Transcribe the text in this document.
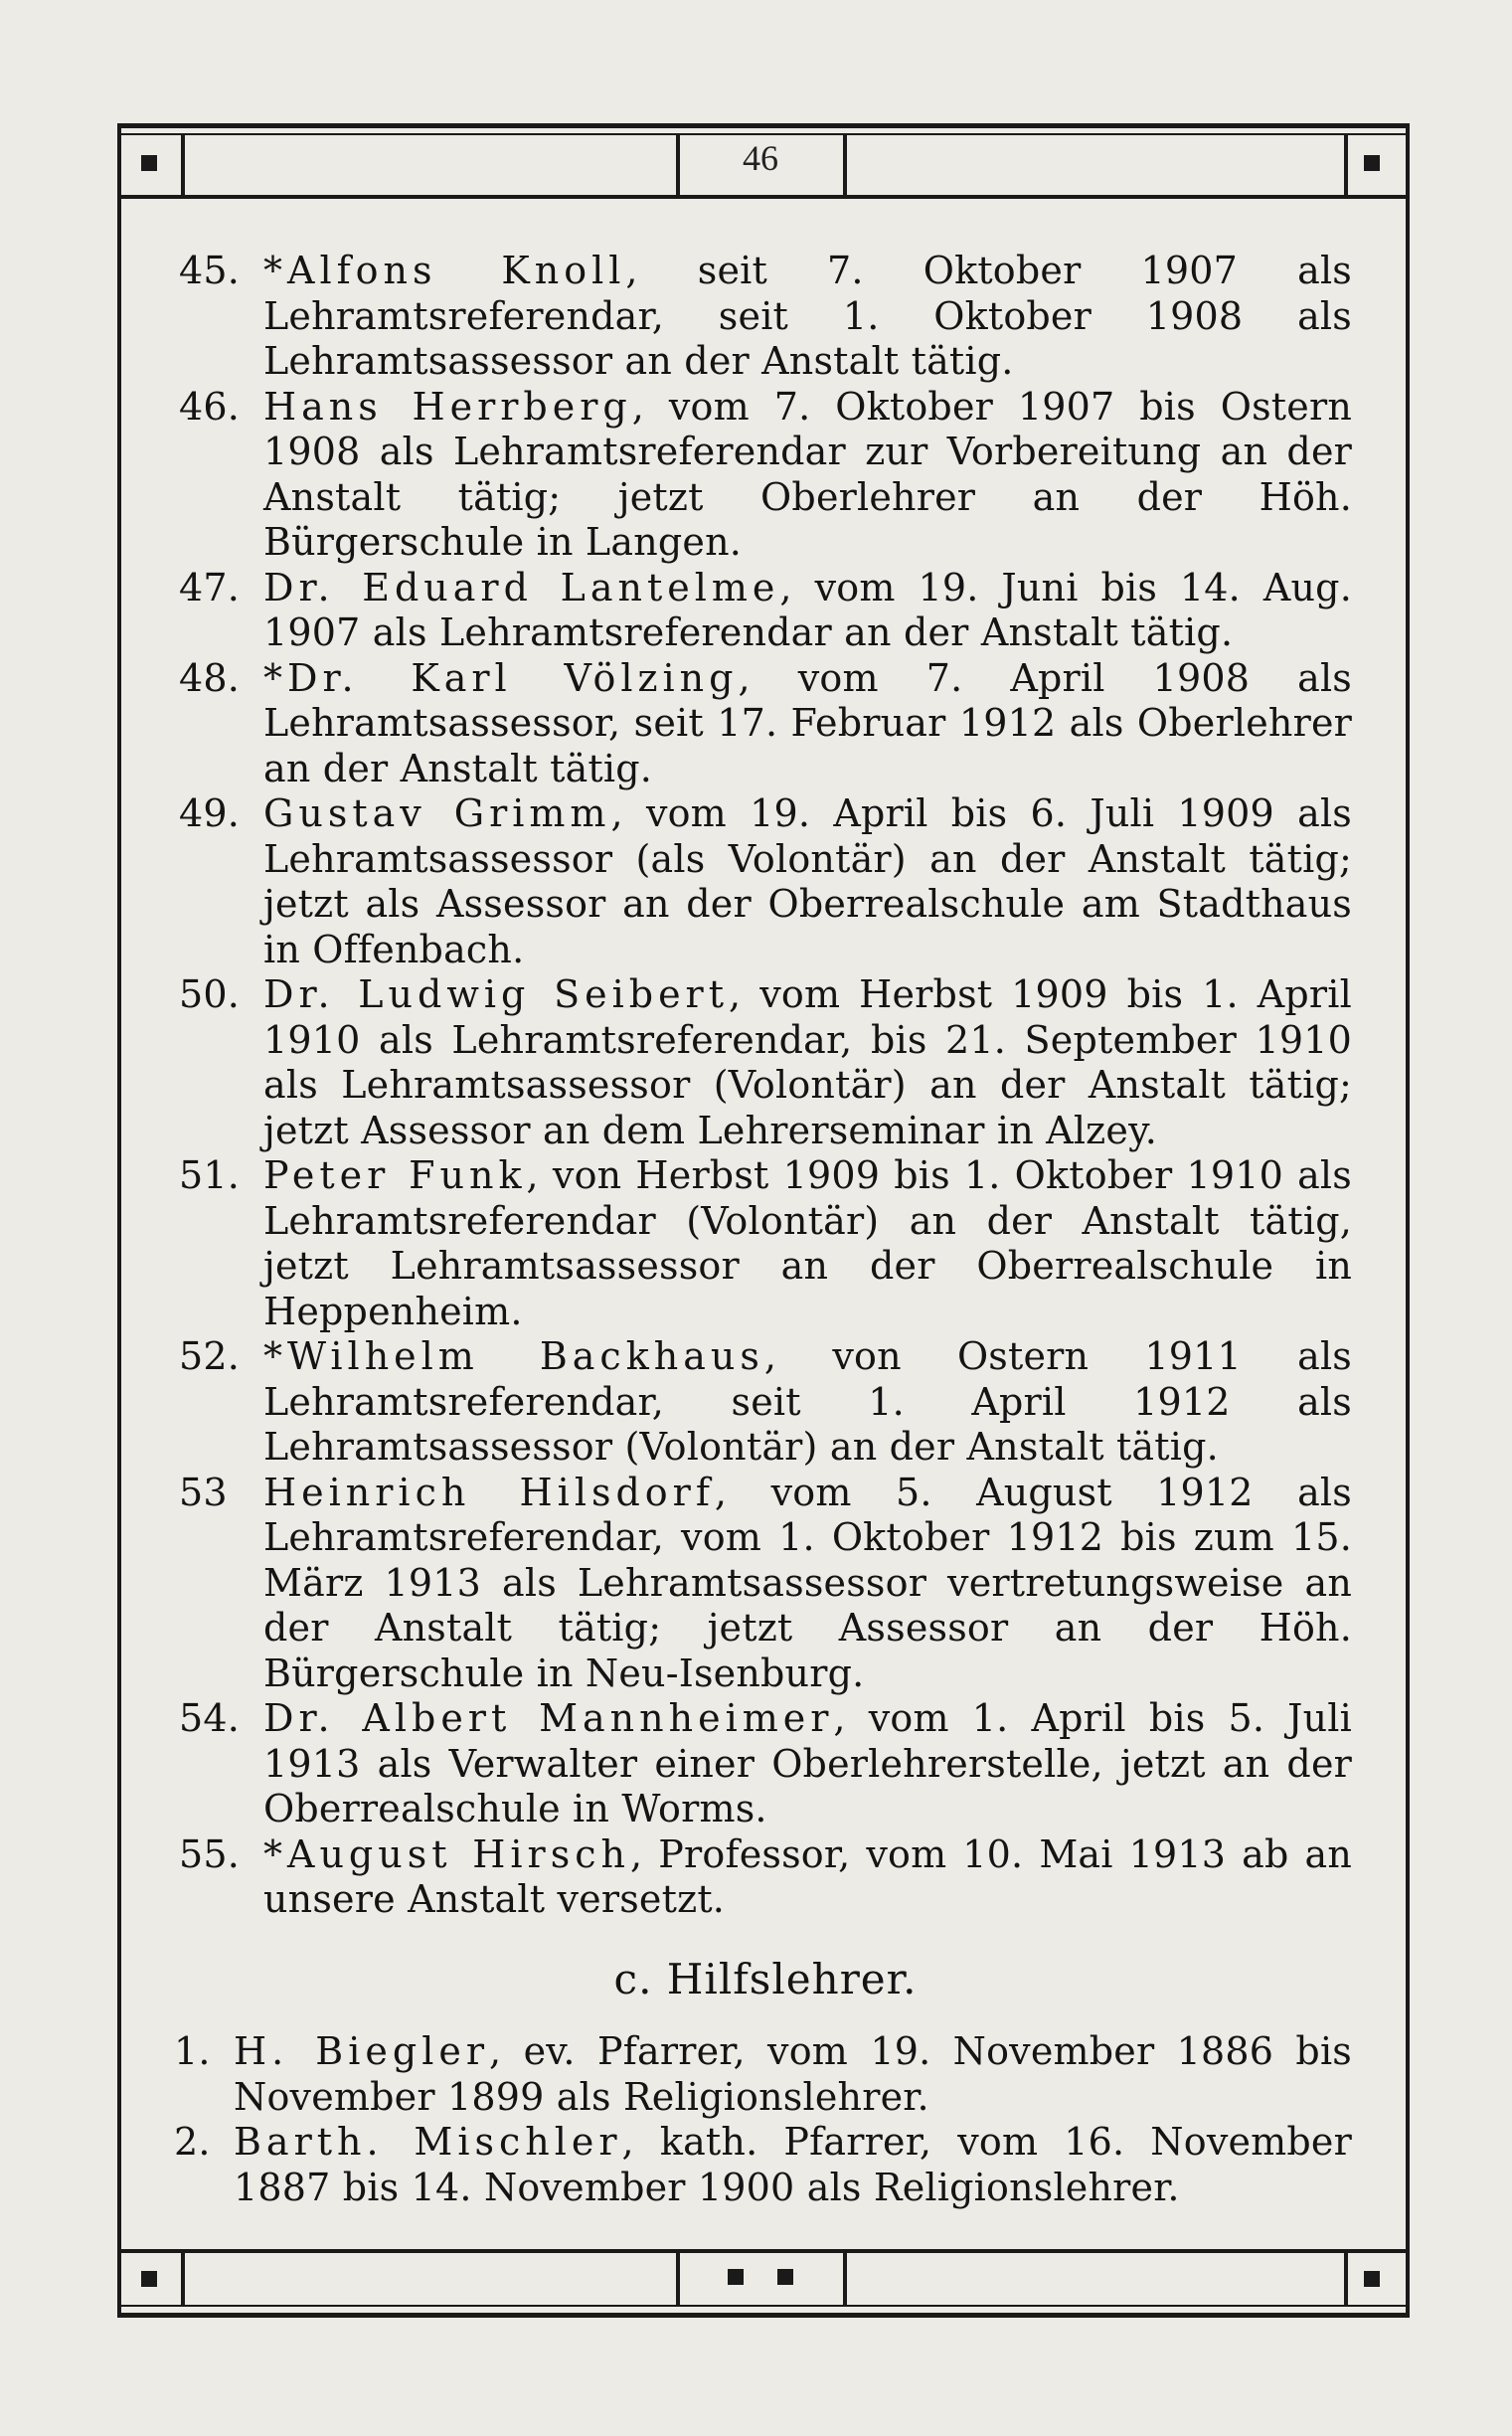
46
45. *Alfons Knoll, seit 7. Oktober 1907 als Lehramtsreferendar, seit 1. Oktober 1908 als Lehramtsassessor an der Anstalt tätig.
46. Hans Herrberg, vom 7. Oktober 1907 bis Ostern 1908 als Lehramtsreferendar zur Vorbereitung an der Anstalt tätig; jetzt Oberlehrer an der Höh. Bürgerschule in Langen.
47. Dr. Eduard Lantelme, vom 19. Juni bis 14. Aug. 1907 als Lehramtsreferendar an der Anstalt tätig.
48. *Dr. Karl Völzing, vom 7. April 1908 als Lehramtsassessor, seit 17. Februar 1912 als Oberlehrer an der Anstalt tätig.
49. Gustav Grimm, vom 19. April bis 6. Juli 1909 als Lehramtsassessor (als Volontär) an der Anstalt tätig; jetzt als Assessor an der Oberrealschule am Stadthaus in Offenbach.
50. Dr. Ludwig Seibert, vom Herbst 1909 bis 1. April 1910 als Lehramtsreferendar, bis 21. September 1910 als Lehramtsassessor (Volontär) an der Anstalt tätig; jetzt Assessor an dem Lehrerseminar in Alzey.
51. Peter Funk, von Herbst 1909 bis 1. Oktober 1910 als Lehramtsreferendar (Volontär) an der Anstalt tätig, jetzt Lehramtsassessor an der Oberrealschule in Heppenheim.
52. *Wilhelm Backhaus, von Ostern 1911 als Lehramtsreferendar, seit 1. April 1912 als Lehramtsassessor (Volontär) an der Anstalt tätig.
53 Heinrich Hilsdorf, vom 5. August 1912 als Lehramtsreferendar, vom 1. Oktober 1912 bis zum 15. März 1913 als Lehramtsassessor vertretungsweise an der Anstalt tätig; jetzt Assessor an der Höh. Bürgerschule in Neu-Isenburg.
54. Dr. Albert Mannheimer, vom 1. April bis 5. Juli 1913 als Verwalter einer Oberlehrerstelle, jetzt an der Oberrealschule in Worms.
55. *August Hirsch, Professor, vom 10. Mai 1913 ab an unsere Anstalt versetzt.
c. Hilfslehrer.
1. H. Biegler, ev. Pfarrer, vom 19. November 1886 bis November 1899 als Religionslehrer.
2. Barth. Mischler, kath. Pfarrer, vom 16. November 1887 bis 14. November 1900 als Religionslehrer.
